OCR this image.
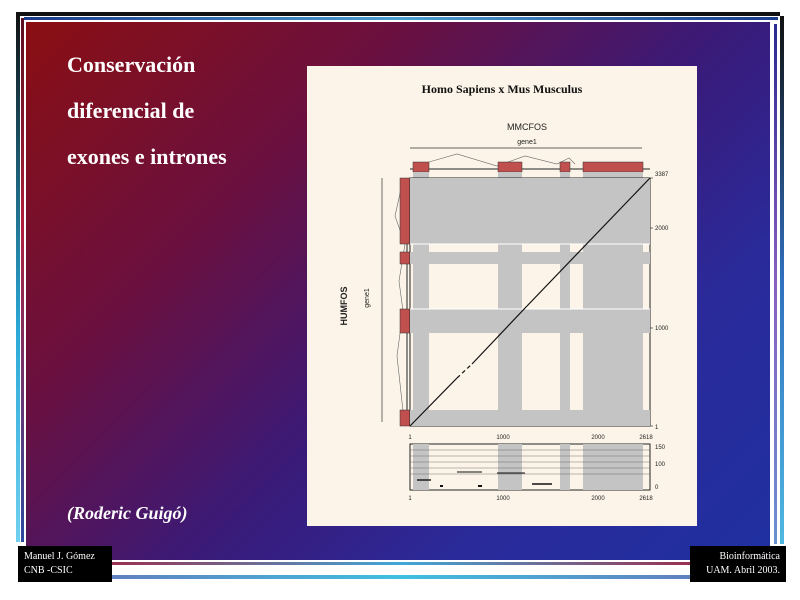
Conservación
diferencial de
exones e intrones
(Roderic Guigó)
Manuel J. Gómez
CNB -CSIC
Bioinformática
UAM. Abril 2003.
Homo Sapiens x Mus Musculus
MMCFOS
gene1
HUMFOS gene1
3387
2000
1000
1
1	1000	2000	2618
150
100
0
1	1000	2000	2618
